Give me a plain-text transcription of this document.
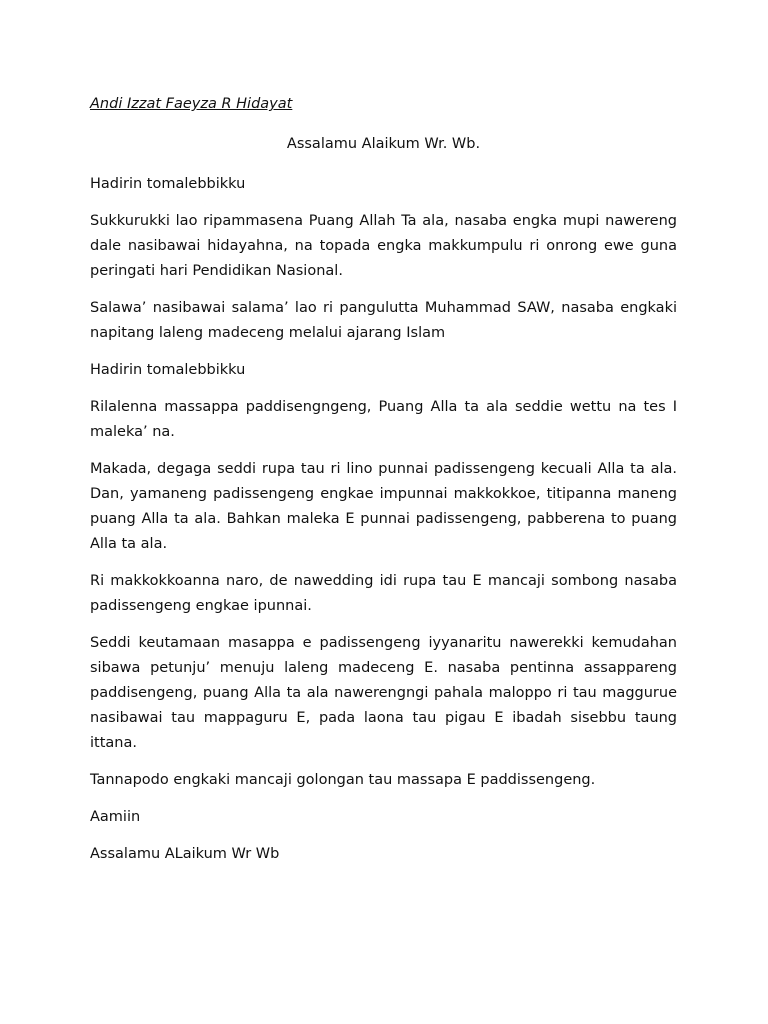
Andi Izzat Faeyza R Hidayat

Assalamu Alaikum Wr. Wb.

Hadirin tomalebbikku

Sukkurukki lao ripammasena Puang Allah Ta ala, nasaba engka mupi nawereng dale nasibawai hidayahna, na topada engka makkumpulu ri onrong ewe guna peringati hari Pendidikan Nasional.

Salawa’ nasibawai salama’ lao ri pangulutta Muhammad SAW, nasaba engkaki napitang laleng madeceng melalui ajarang Islam

Hadirin tomalebbikku

Rilalenna massappa paddisengngeng, Puang Alla ta ala seddie wettu na tes I maleka’ na.

Makada, degaga seddi rupa tau ri lino punnai padissengeng kecuali Alla ta ala. Dan, yamaneng padissengeng engkae impunnai makkokkoe, titipanna maneng puang Alla ta ala. Bahkan maleka E punnai padissengeng, pabberena to puang Alla ta ala.

Ri makkokkoanna naro, de nawedding idi rupa tau E mancaji sombong nasaba padissengeng engkae ipunnai.

Seddi keutamaan masappa e padissengeng iyyanaritu nawerekki kemudahan sibawa petunju’ menuju laleng madeceng E. nasaba pentinna assappareng paddisengeng, puang Alla ta ala nawerengngi pahala maloppo ri tau maggurue nasibawai tau mappaguru E, pada laona tau pigau E ibadah sisebbu taung ittana.

Tannapodo engkaki mancaji golongan tau massapa E paddissengeng.

Aamiin

Assalamu ALaikum Wr Wb
